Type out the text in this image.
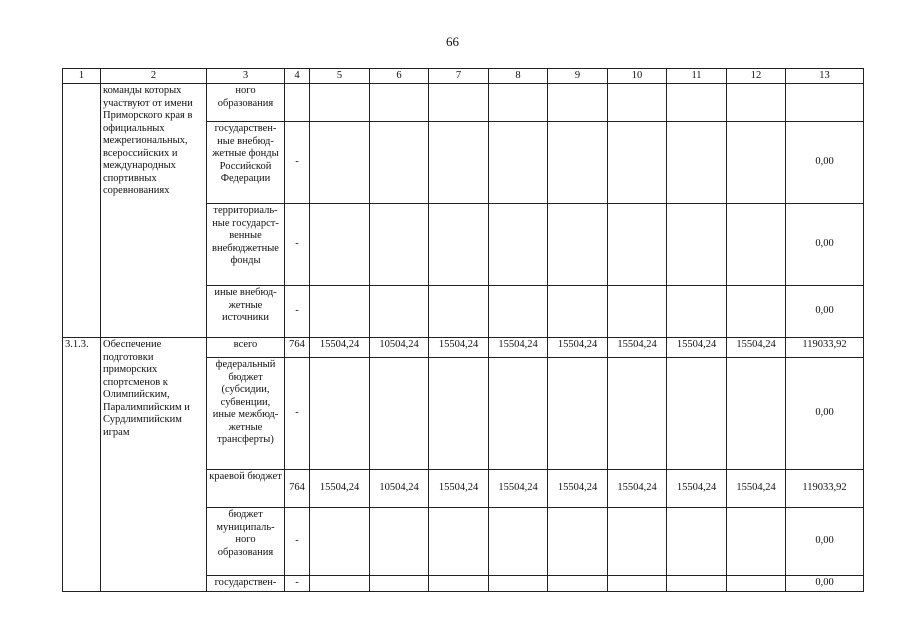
66
1	2	3	4	5	6	7	8	9	10	11	12	13
	команды которых участвуют от имени Приморского края в официальных межрегиональных, всероссийских и международных спортивных соревнованиях	ного образования										
		государствен-ные внебюд-жетные фонды Российской Федерации	-									0,00
		территориаль-ные государст-венные внебюджетные фонды	-									0,00
		иные внебюд-жетные источники	-									0,00
3.1.3.	Обеспечение подготовки приморских спортсменов к Олимпийским, Паралимпийским и Сурдлимпийским играм	всего	764	15504,24	10504,24	15504,24	15504,24	15504,24	15504,24	15504,24	15504,24	119033,92
		федеральный бюджет (субсидии, субвенции, иные межбюд-жетные трансферты)	-									0,00
		краевой бюджет	764	15504,24	10504,24	15504,24	15504,24	15504,24	15504,24	15504,24	15504,24	119033,92
		бюджет муниципаль-ного образования	-									0,00
		государствен-	-									0,00
